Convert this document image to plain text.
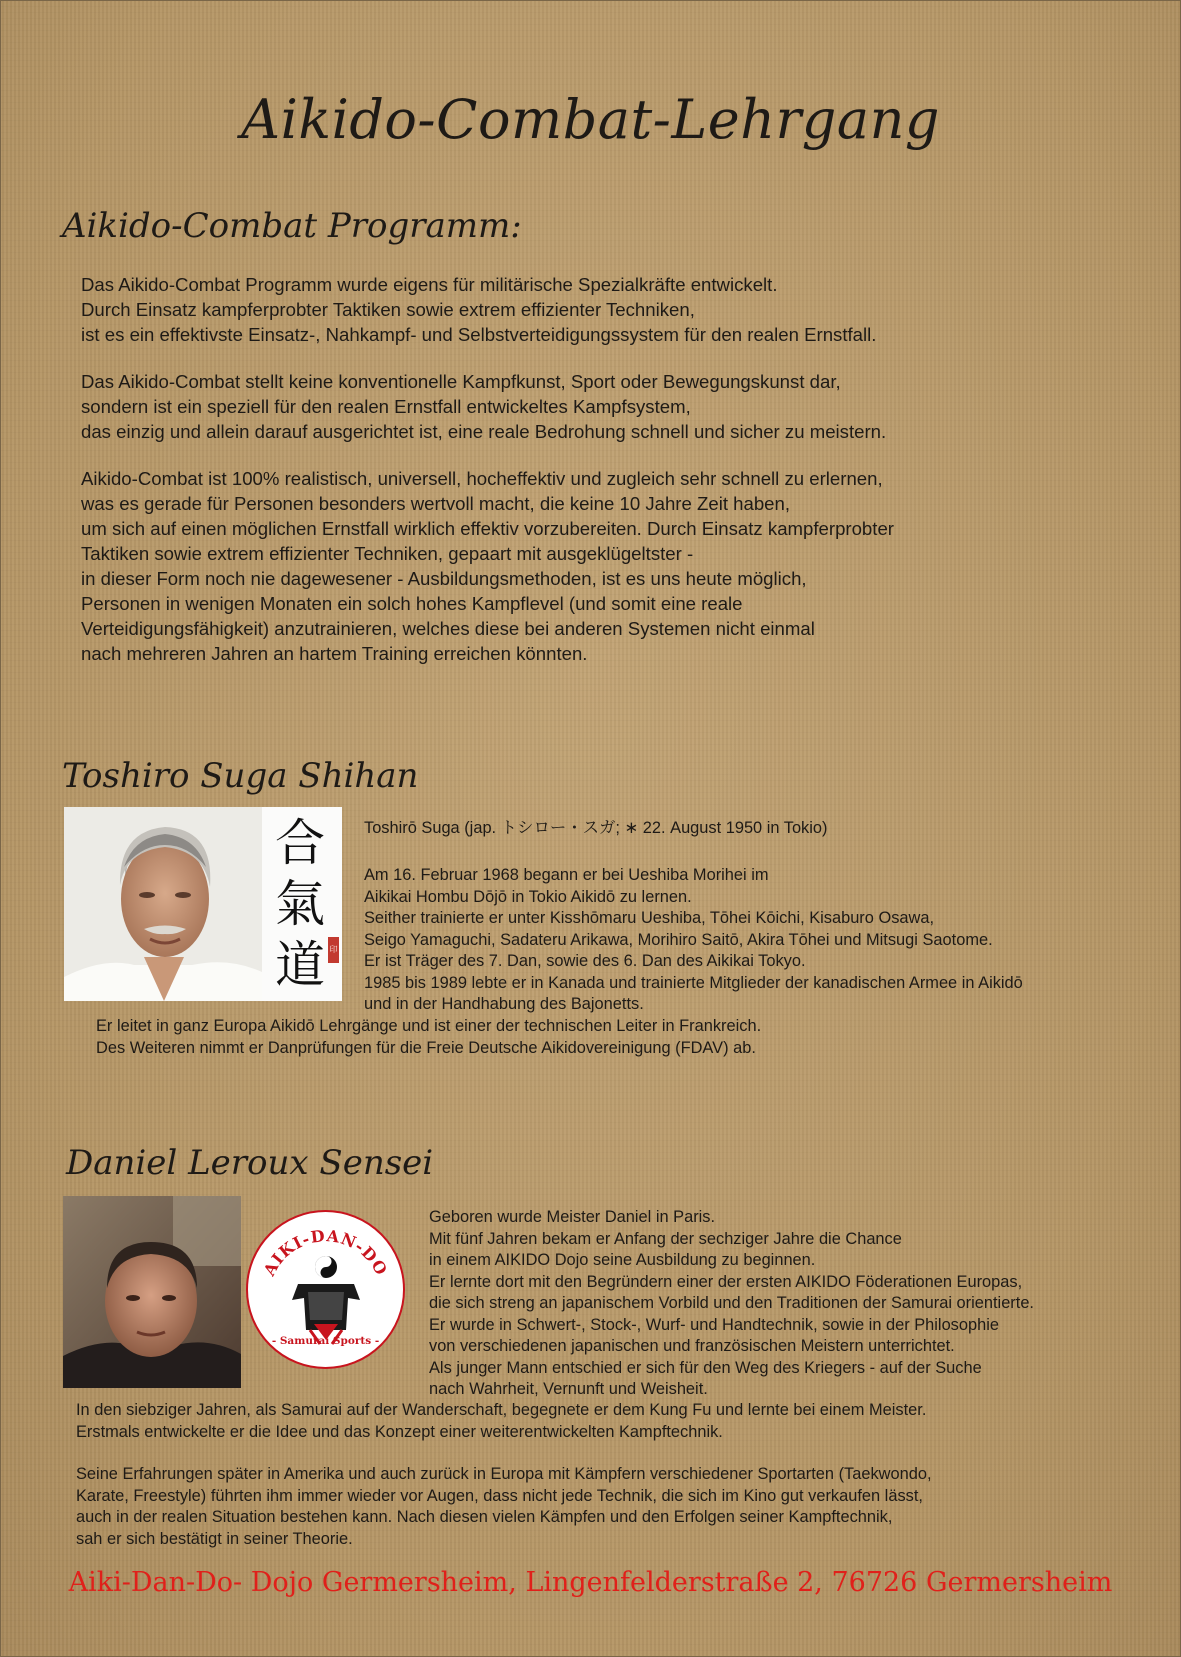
Aikido-Combat-Lehrgang
Aikido-Combat Programm:

Das Aikido-Combat Programm wurde eigens für militärische Spezialkräfte entwickelt.
Durch Einsatz kampferprobter Taktiken sowie extrem effizienter Techniken,
ist es ein effektivste Einsatz-, Nahkampf- und Selbstverteidigungssystem für den realen Ernstfall.

Das Aikido-Combat stellt keine konventionelle Kampfkunst, Sport oder Bewegungskunst dar,
sondern ist ein speziell für den realen Ernstfall entwickeltes Kampfsystem,
das einzig und allein darauf ausgerichtet ist, eine reale Bedrohung schnell und sicher zu meistern.

Aikido-Combat ist 100% realistisch, universell, hocheffektiv und zugleich sehr schnell zu erlernen,
was es gerade für Personen besonders wertvoll macht, die keine 10 Jahre Zeit haben,
um sich auf einen möglichen Ernstfall wirklich effektiv vorzubereiten. Durch Einsatz kampferprobter
Taktiken sowie extrem effizienter Techniken, gepaart mit ausgeklügeltster -
in dieser Form noch nie dagewesener - Ausbildungsmethoden, ist es uns heute möglich,
Personen in wenigen Monaten ein solch hohes Kampflevel (und somit eine reale
Verteidigungsfähigkeit) anzutrainieren, welches diese bei anderen Systemen nicht einmal
nach mehreren Jahren an hartem Training erreichen könnten.

Toshiro Suga Shihan
合
氣
道 印
Toshirō Suga (jap. トシロー・スガ; ∗ 22. August 1950 in Tokio)

Am 16. Februar 1968 begann er bei Ueshiba Morihei im
Aikikai Hombu Dōjō in Tokio Aikidō zu lernen.
Seither trainierte er unter Kisshōmaru Ueshiba, Tōhei Kōichi, Kisaburo Osawa,
Seigo Yamaguchi, Sadateru Arikawa, Morihiro Saitō, Akira Tōhei und Mitsugi Saotome.
Er ist Träger des 7. Dan, sowie des 6. Dan des Aikikai Tokyo.
1985 bis 1989 lebte er in Kanada und trainierte Mitglieder der kanadischen Armee in Aikidō
und in der Handhabung des Bajonetts.

Er leitet in ganz Europa Aikidō Lehrgänge und ist einer der technischen Leiter in Frankreich.
Des Weiteren nimmt er Danprüfungen für die Freie Deutsche Aikidovereinigung (FDAV) ab.

Daniel Leroux Sensei
AIKI-DAN-DO
- Samurai Sports -

Geboren wurde Meister Daniel in Paris.
Mit fünf Jahren bekam er Anfang der sechziger Jahre die Chance
in einem AIKIDO Dojo seine Ausbildung zu beginnen.
Er lernte dort mit den Begründern einer der ersten AIKIDO Föderationen Europas,
die sich streng an japanischem Vorbild und den Traditionen der Samurai orientierte.
Er wurde in Schwert-, Stock-, Wurf- und Handtechnik, sowie in der Philosophie
von verschiedenen japanischen und französischen Meistern unterrichtet.
Als junger Mann entschied er sich für den Weg des Kriegers - auf der Suche
nach Wahrheit, Vernunft und Weisheit.

In den siebziger Jahren, als Samurai auf der Wanderschaft, begegnete er dem Kung Fu und lernte bei einem Meister.
Erstmals entwickelte er die Idee und das Konzept einer weiterentwickelten Kampftechnik.

Seine Erfahrungen später in Amerika und auch zurück in Europa mit Kämpfern verschiedener Sportarten (Taekwondo,
Karate, Freestyle) führten ihm immer wieder vor Augen, dass nicht jede Technik, die sich im Kino gut verkaufen lässt,
auch in der realen Situation bestehen kann. Nach diesen vielen Kämpfen und den Erfolgen seiner Kampftechnik,
sah er sich bestätigt in seiner Theorie.

Aiki-Dan-Do- Dojo Germersheim, Lingenfelderstraße 2, 76726 Germersheim
